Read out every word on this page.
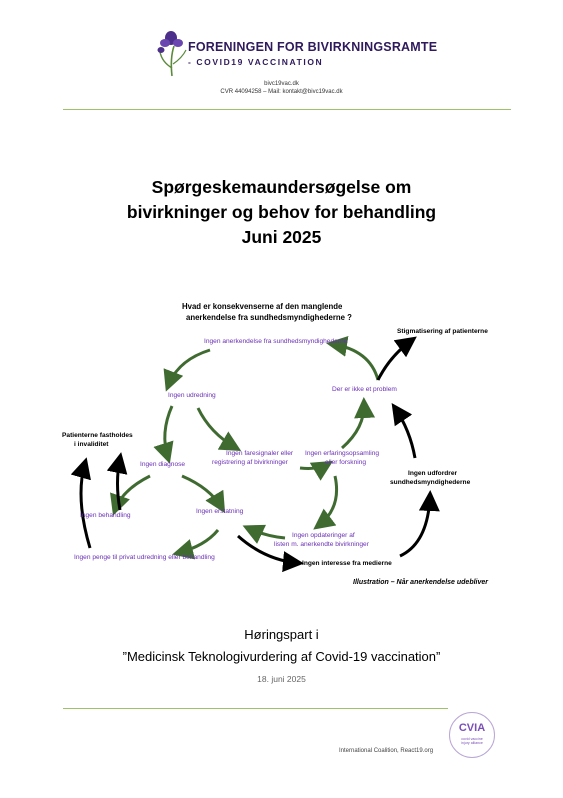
FORENINGEN FOR BIVIRKNINGSRAMTE
- COVID19 VACCINATION
bivc19vac.dk
CVR 44094258 – Mail: kontakt@bivc19vac.dk
Spørgeskemaundersøgelse om
bivirkninger og behov for behandling
Juni 2025
Hvad er konsekvenserne af den manglende
anerkendelse fra sundhedsmyndighederne ?
Stigmatisering af patienterne
Ingen anerkendelse fra sundhedsmyndighederne
Ingen udredning
Der er ikke et problem
Patienterne fastholdes
i invaliditet
Ingen faresignaler eller
registrering af bivirkninger
Ingen erfaringsopsamling
eller forskning
Ingen diagnose
Ingen udfordrer
sundhedsmyndighederne
Ingen behandling
Ingen erstatning
Ingen opdateringer af
listen m. anerkendte bivirkninger
Ingen penge til privat udredning eller behandling
Ingen interesse fra medierne
Illustration – Når anerkendelse udebliver
Høringspart i
”Medicinsk Teknologivurdering af Covid-19 vaccination”
18. juni 2025
CVIA
covid vaccine
injury alliance
International Coalition, React19.org
